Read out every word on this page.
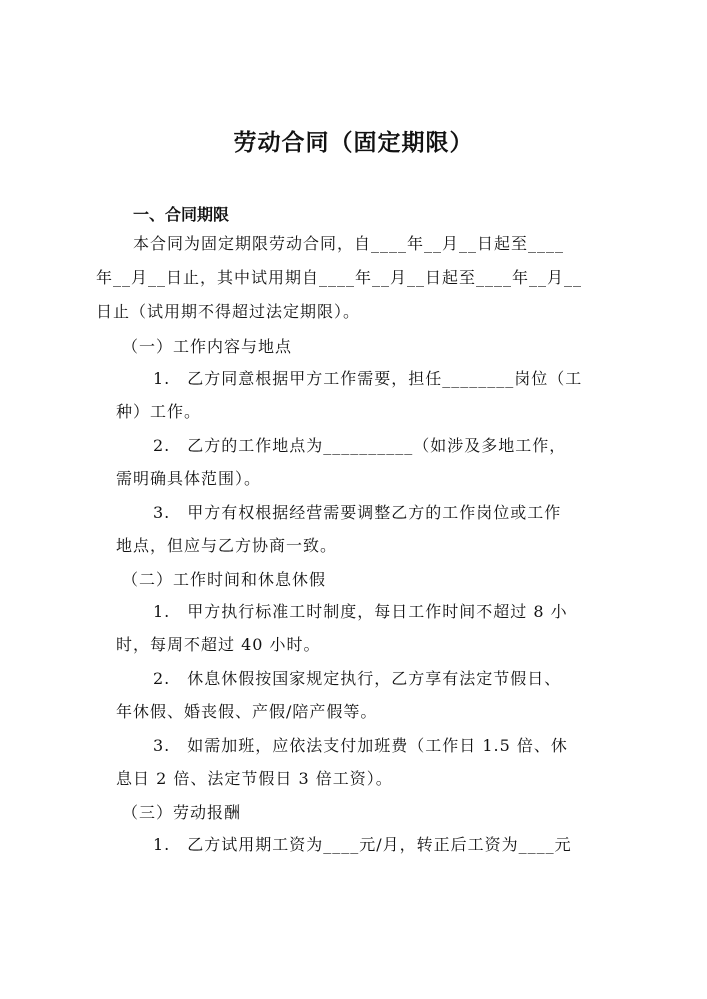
劳动合同（固定期限）
一、合同期限
本合同为固定期限劳动合同，自____年__月__日起至____
年__月__日止，其中试用期自____年__月__日起至____年__月__
日止（试用期不得超过法定期限）。
（一）工作内容与地点
1.　乙方同意根据甲方工作需要，担任________岗位（工
种）工作。
2.　乙方的工作地点为__________（如涉及多地工作，
需明确具体范围）。
3.　甲方有权根据经营需要调整乙方的工作岗位或工作
地点，但应与乙方协商一致。
（二）工作时间和休息休假
1.　甲方执行标准工时制度，每日工作时间不超过 8 小
时，每周不超过 40 小时。
2.　休息休假按国家规定执行，乙方享有法定节假日、
年休假、婚丧假、产假/陪产假等。
3.　如需加班，应依法支付加班费（工作日 1.5 倍、休
息日 2 倍、法定节假日 3 倍工资）。
（三）劳动报酬
1.　乙方试用期工资为____元/月，转正后工资为____元
